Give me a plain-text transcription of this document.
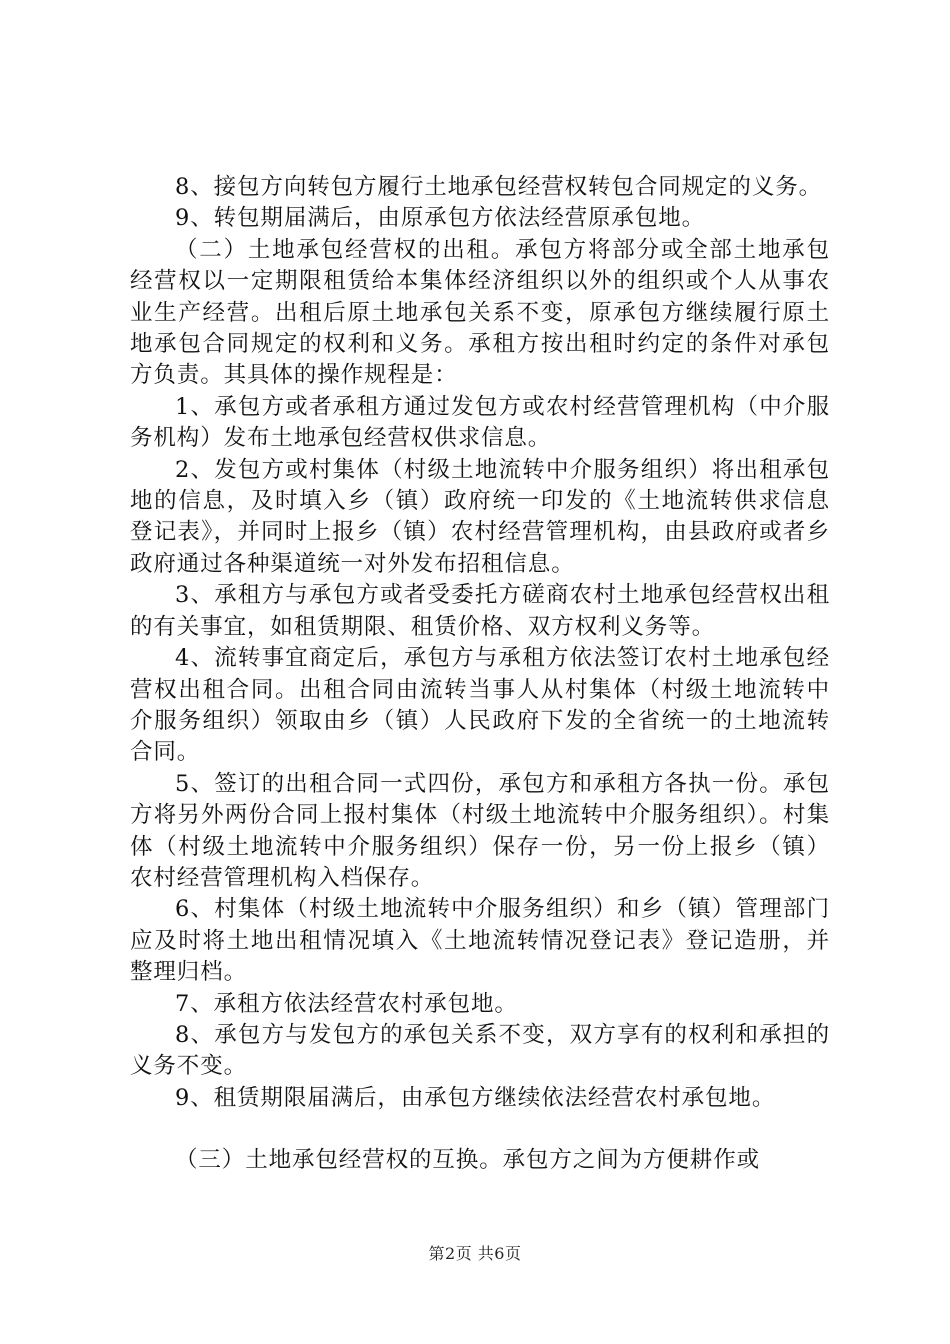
8、接包方向转包方履行土地承包经营权转包合同规定的义务。

9、转包期届满后，由原承包方依法经营原承包地。

（二）土地承包经营权的出租。承包方将部分或全部土地承包经营权以一定期限租赁给本集体经济组织以外的组织或个人从事农业生产经营。出租后原土地承包关系不变，原承包方继续履行原土地承包合同规定的权利和义务。承租方按出租时约定的条件对承包方负责。其具体的操作规程是：

1、承包方或者承租方通过发包方或农村经营管理机构（中介服务机构）发布土地承包经营权供求信息。

2、发包方或村集体（村级土地流转中介服务组织）将出租承包地的信息，及时填入乡（镇）政府统一印发的《土地流转供求信息登记表》，并同时上报乡（镇）农村经营管理机构，由县政府或者乡政府通过各种渠道统一对外发布招租信息。

3、承租方与承包方或者受委托方磋商农村土地承包经营权出租的有关事宜，如租赁期限、租赁价格、双方权利义务等。

4、流转事宜商定后，承包方与承租方依法签订农村土地承包经营权出租合同。出租合同由流转当事人从村集体（村级土地流转中介服务组织）领取由乡（镇）人民政府下发的全省统一的土地流转合同。

5、签订的出租合同一式四份，承包方和承租方各执一份。承包方将另外两份合同上报村集体（村级土地流转中介服务组织）。村集体（村级土地流转中介服务组织）保存一份，另一份上报乡（镇）农村经营管理机构入档保存。

6、村集体（村级土地流转中介服务组织）和乡（镇）管理部门应及时将土地出租情况填入《土地流转情况登记表》登记造册，并整理归档。

7、承租方依法经营农村承包地。

8、承包方与发包方的承包关系不变，双方享有的权利和承担的义务不变。

9、租赁期限届满后，由承包方继续依法经营农村承包地。

（三）土地承包经营权的互换。承包方之间为方便耕作或

第2页 共6页
